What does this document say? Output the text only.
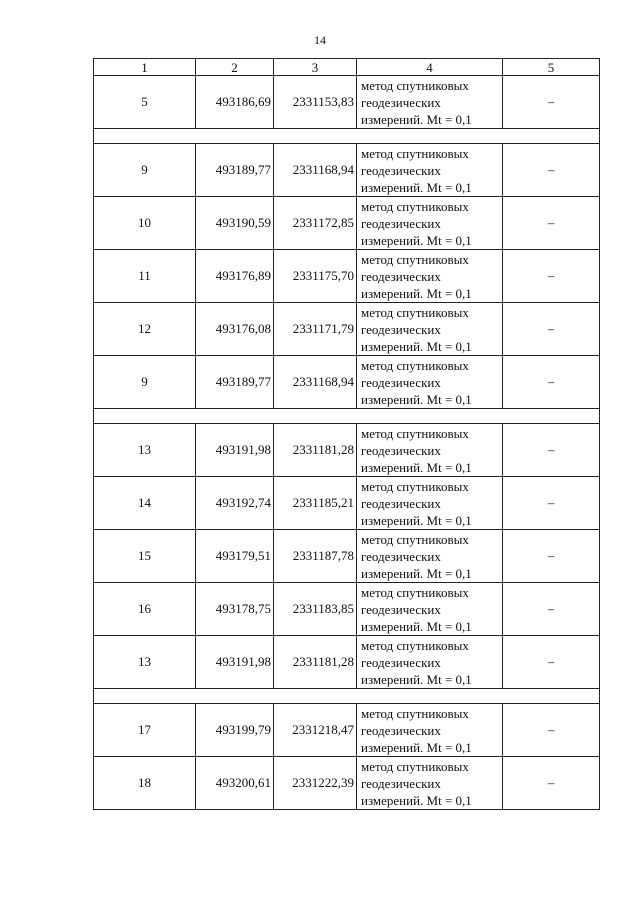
14
1	2	3	4	5
5	493186,69	2331153,83	метод спутниковых геодезических измерений. Mt = 0,1	–

9	493189,77	2331168,94	метод спутниковых геодезических измерений. Mt = 0,1	–
10	493190,59	2331172,85	метод спутниковых геодезических измерений. Mt = 0,1	–
11	493176,89	2331175,70	метод спутниковых геодезических измерений. Mt = 0,1	–
12	493176,08	2331171,79	метод спутниковых геодезических измерений. Mt = 0,1	–
9	493189,77	2331168,94	метод спутниковых геодезических измерений. Mt = 0,1	–

13	493191,98	2331181,28	метод спутниковых геодезических измерений. Mt = 0,1	–
14	493192,74	2331185,21	метод спутниковых геодезических измерений. Mt = 0,1	–
15	493179,51	2331187,78	метод спутниковых геодезических измерений. Mt = 0,1	–
16	493178,75	2331183,85	метод спутниковых геодезических измерений. Mt = 0,1	–
13	493191,98	2331181,28	метод спутниковых геодезических измерений. Mt = 0,1	–

17	493199,79	2331218,47	метод спутниковых геодезических измерений. Mt = 0,1	–
18	493200,61	2331222,39	метод спутниковых геодезических измерений. Mt = 0,1	–
